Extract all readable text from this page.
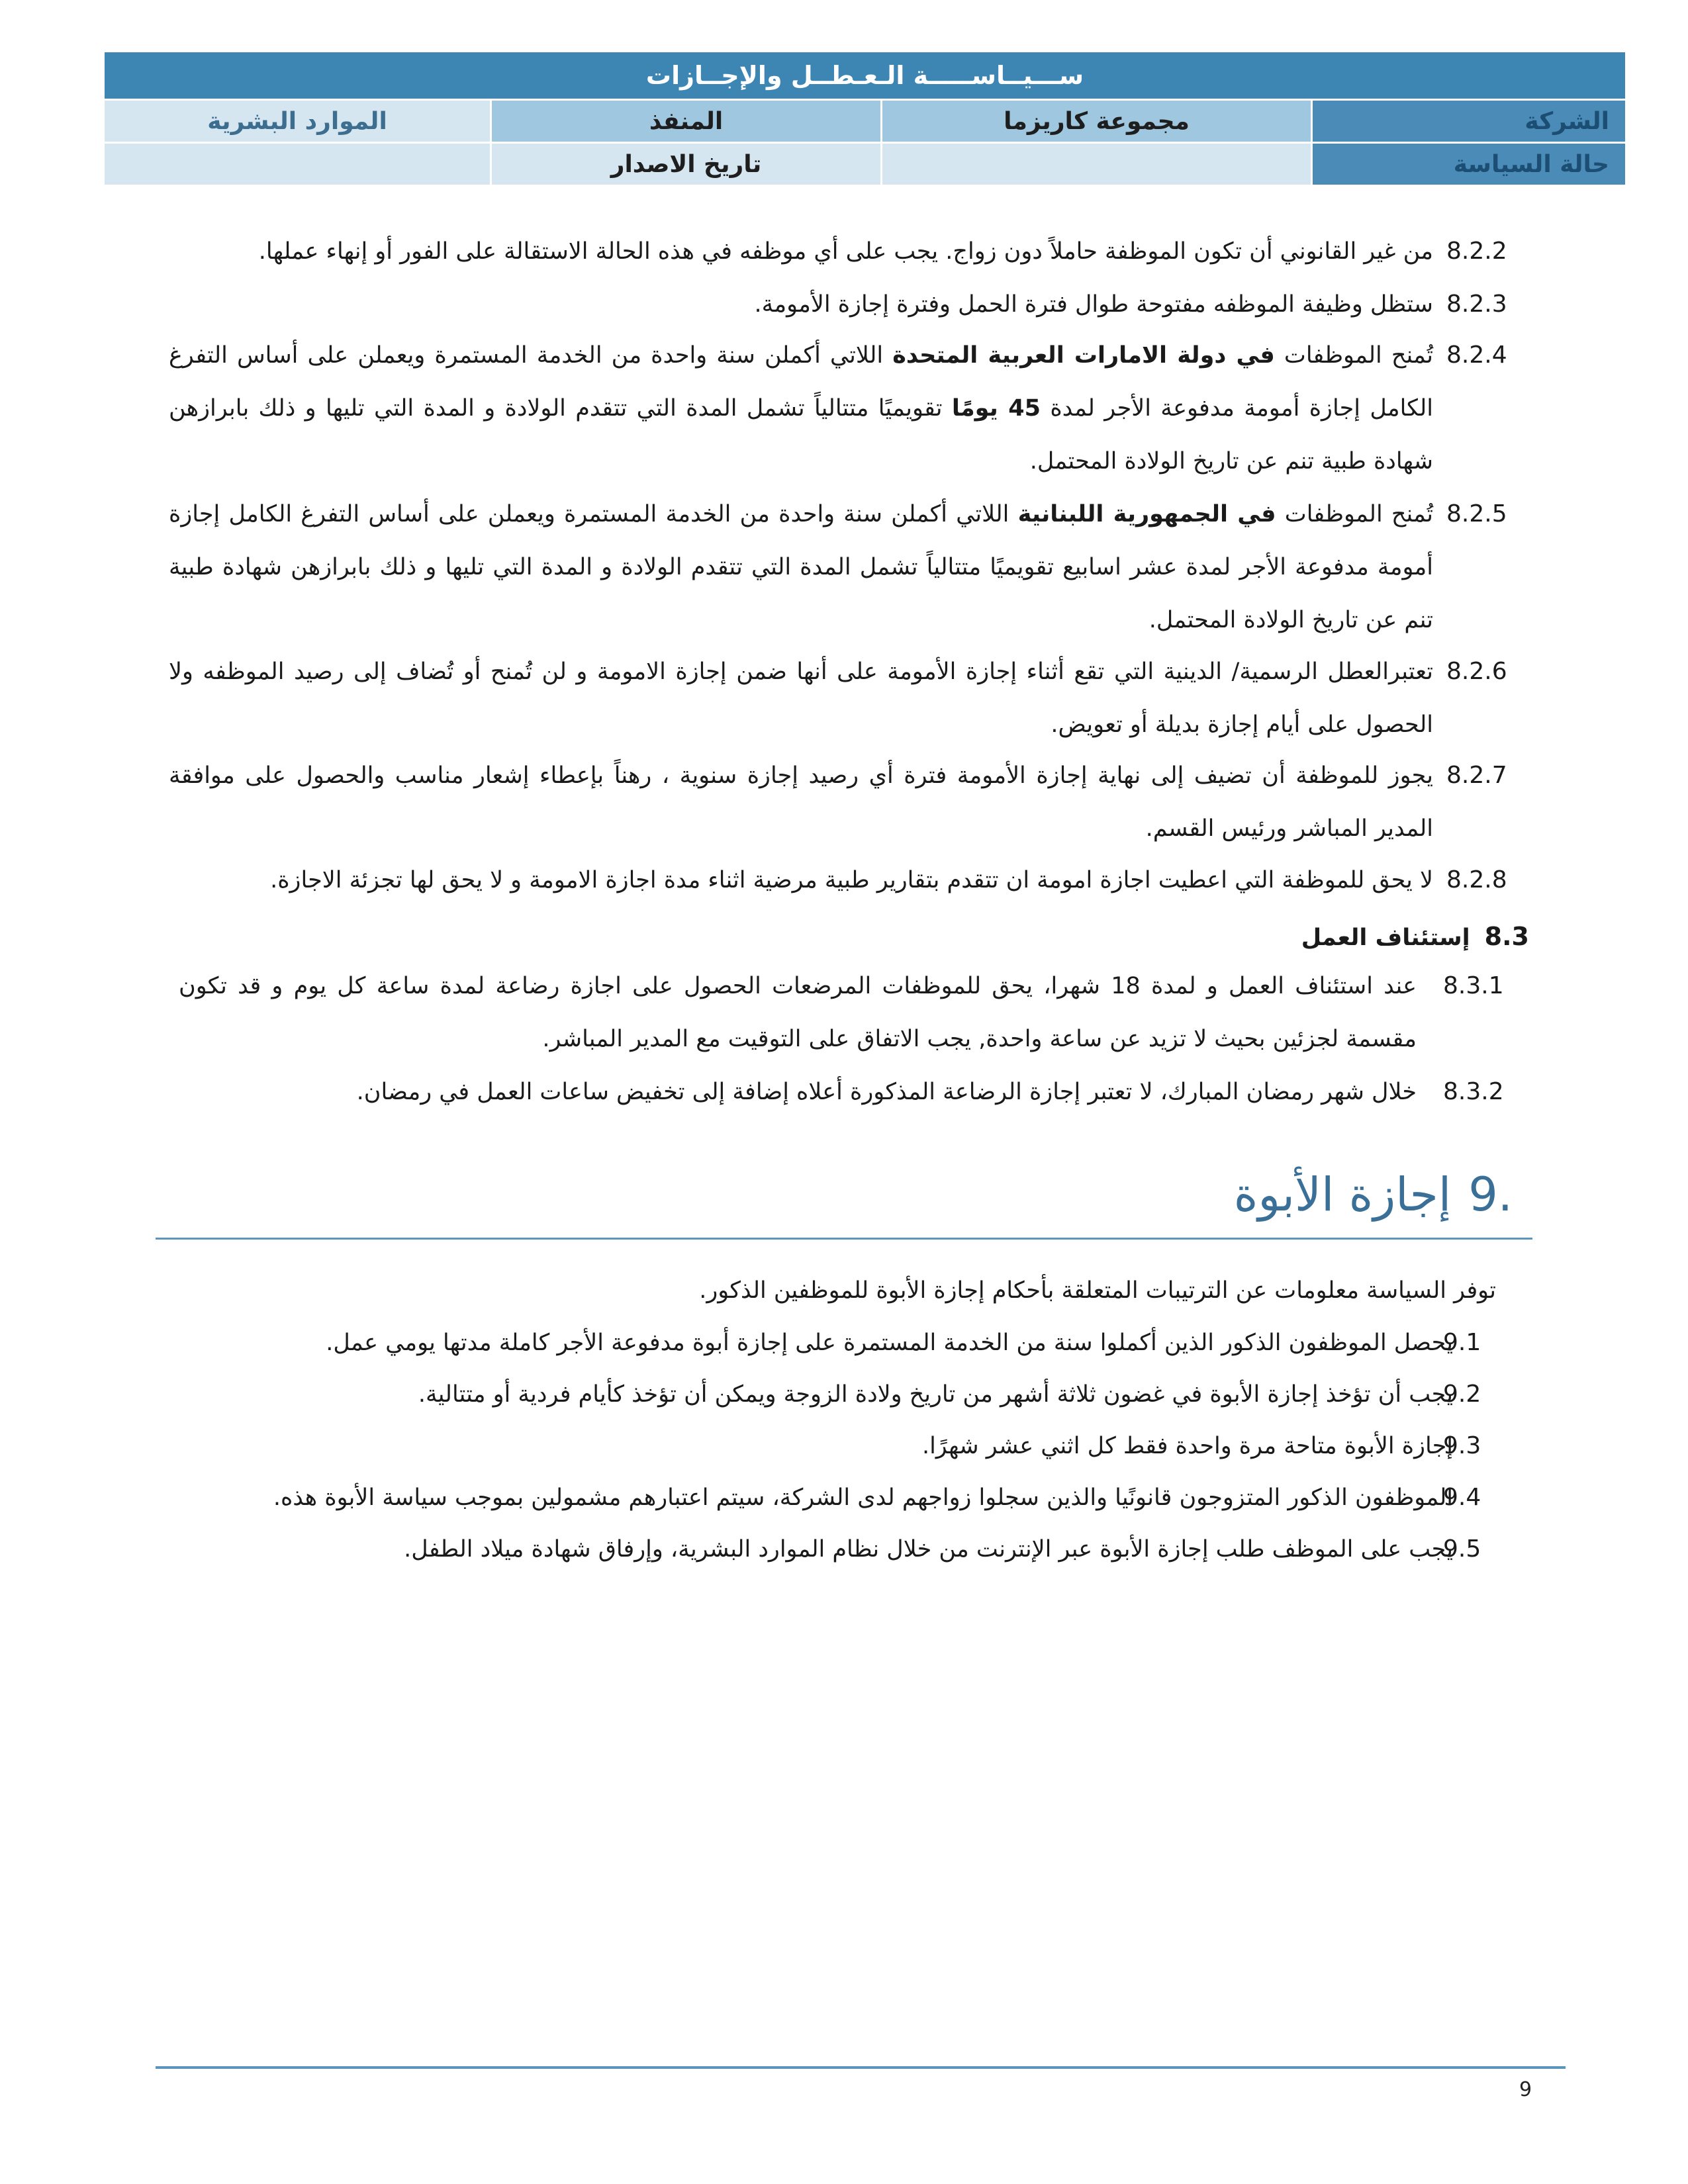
ســـيــاســـــة الـعـطــل والإجــازات			
الشركة	مجموعة كاريزما	المنفذ	الموارد البشرية
حالة السياسة		تاريخ الاصدار	
8.2.2
من غير القانوني أن تكون الموظفة حاملاً دون زواج. يجب على أي موظفه في هذه الحالة الاستقالة على الفور أو إنهاء عملها.
8.2.3
ستظل وظيفة الموظفه مفتوحة طوال فترة الحمل وفترة إجازة الأمومة.
8.2.4
تُمنح الموظفات في دولة الامارات العربية المتحدة اللاتي أكملن سنة واحدة من الخدمة المستمرة ويعملن على أساس التفرغ الكامل إجازة أمومة مدفوعة الأجر لمدة 45 يومًا تقويميًا متتالياً تشمل المدة التي تتقدم الولادة و المدة التي تليها و ذلك بابرازهن شهادة طبية تنم عن تاريخ الولادة المحتمل.
8.2.5
تُمنح الموظفات في الجمهورية اللبنانية اللاتي أكملن سنة واحدة من الخدمة المستمرة ويعملن على أساس التفرغ الكامل إجازة أمومة مدفوعة الأجر لمدة عشر اسابيع تقويميًا متتالياً تشمل المدة التي تتقدم الولادة و المدة التي تليها و ذلك بابرازهن شهادة طبية تنم عن تاريخ الولادة المحتمل.
8.2.6
تعتبرالعطل الرسمية/ الدينية التي تقع أثناء إجازة الأمومة على أنها ضمن إجازة الامومة و لن تُمنح أو تُضاف إلى رصيد الموظفه ولا الحصول على أيام إجازة بديلة أو تعويض.
8.2.7
يجوز للموظفة أن تضيف إلى نهاية إجازة الأمومة فترة أي رصيد إجازة سنوية ، رهناً بإعطاء إشعار مناسب والحصول على موافقة المدير المباشر ورئيس القسم.
8.2.8
لا يحق للموظفة التي اعطيت اجازة امومة ان تتقدم بتقارير طبية مرضية اثناء مدة اجازة الامومة و لا يحق لها تجزئة الاجازة.
8.3إستئناف العمل
8.3.1
عند استئناف العمل و لمدة 18 شهرا، يحق للموظفات المرضعات الحصول على اجازة رضاعة لمدة ساعة كل يوم و قد تكون مقسمة لجزئين بحيث لا تزيد عن ساعة واحدة, يجب الاتفاق على التوقيت مع المدير المباشر.
8.3.2
خلال شهر رمضان المبارك، لا تعتبر إجازة الرضاعة المذكورة أعلاه إضافة إلى تخفيض ساعات العمل في رمضان.
.9إجازة الأبوة
توفر السياسة معلومات عن الترتيبات المتعلقة بأحكام إجازة الأبوة للموظفين الذكور.
9.1
يحصل الموظفون الذكور الذين أكملوا سنة من الخدمة المستمرة على إجازة أبوة مدفوعة الأجر كاملة مدتها يومي عمل.
9.2
يجب أن تؤخذ إجازة الأبوة في غضون ثلاثة أشهر من تاريخ ولادة الزوجة ويمكن أن تؤخذ كأيام فردية أو متتالية.
9.3
إجازة الأبوة متاحة مرة واحدة فقط كل اثني عشر شهرًا.
9.4
الموظفون الذكور المتزوجون قانونًيا والذين سجلوا زواجهم لدى الشركة، سيتم اعتبارهم مشمولين بموجب سياسة الأبوة هذه.
9.5
يجب على الموظف طلب إجازة الأبوة عبر الإنترنت من خلال نظام الموارد البشرية، وإرفاق شهادة ميلاد الطفل.
9
